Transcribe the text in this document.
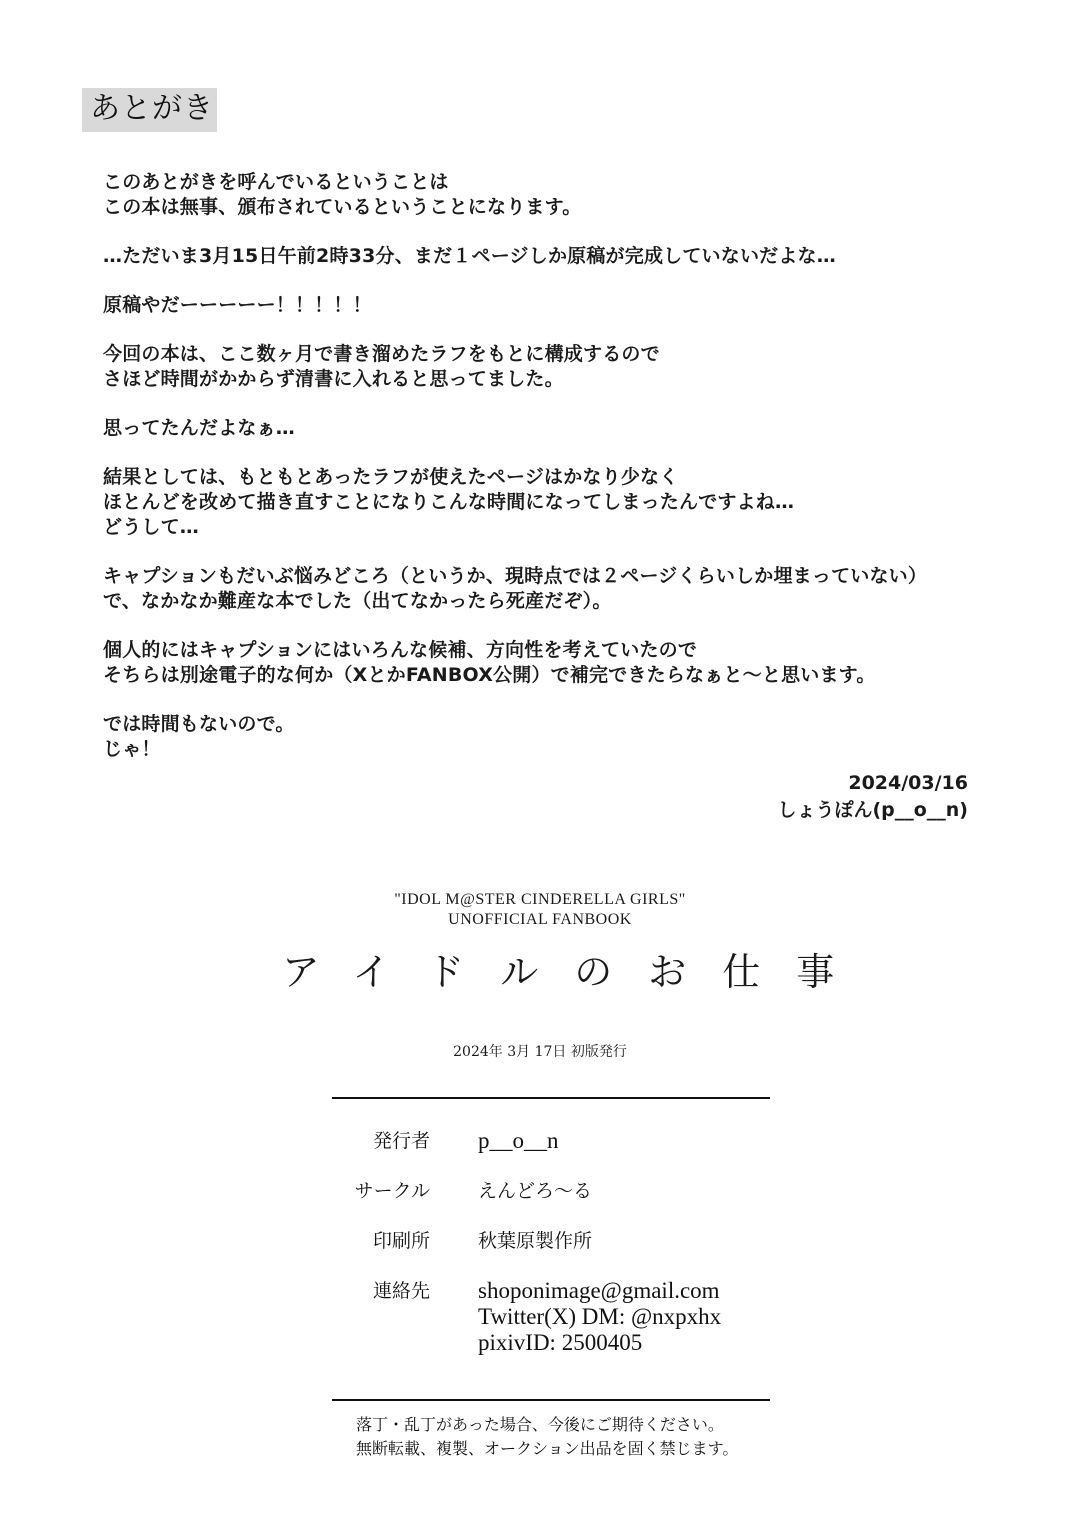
あとがき

このあとがきを呼んでいるということは
この本は無事、頒布されているということになります。

…ただいま3月15日午前2時33分、まだ１ページしか原稿が完成していないだよな…

原稿やだーーーーー！！！！！

今回の本は、ここ数ヶ月で書き溜めたラフをもとに構成するので
さほど時間がかからず清書に入れると思ってました。

思ってたんだよなぁ…

結果としては、もともとあったラフが使えたページはかなり少なく
ほとんどを改めて描き直すことになりこんな時間になってしまったんですよね…
どうして…

キャプションもだいぶ悩みどころ（というか、現時点では２ページくらいしか埋まっていない）
で、なかなか難産な本でした（出てなかったら死産だぞ）。

個人的にはキャプションにはいろんな候補、方向性を考えていたので
そちらは別途電子的な何か（XとかFANBOX公開）で補完できたらなぁと〜と思います。

では時間もないので。
じゃ！

2024/03/16
しょうぽん(p__o__n)
"IDOL M@STER CINDERELLA GIRLS"
UNOFFICIAL FANBOOK
アイドルのお仕事
2024年 3月 17日 初版発行
発行者 p__o__n
サークル	えんどろ〜る
印刷所	秋葉原製作所
連絡先 shoponimage@gmail.com
Twitter(X) DM: @nxpxhx
pixivID: 2500405
落丁・乱丁があった場合、今後にご期待ください。
無断転載、複製、オークション出品を固く禁じます。
